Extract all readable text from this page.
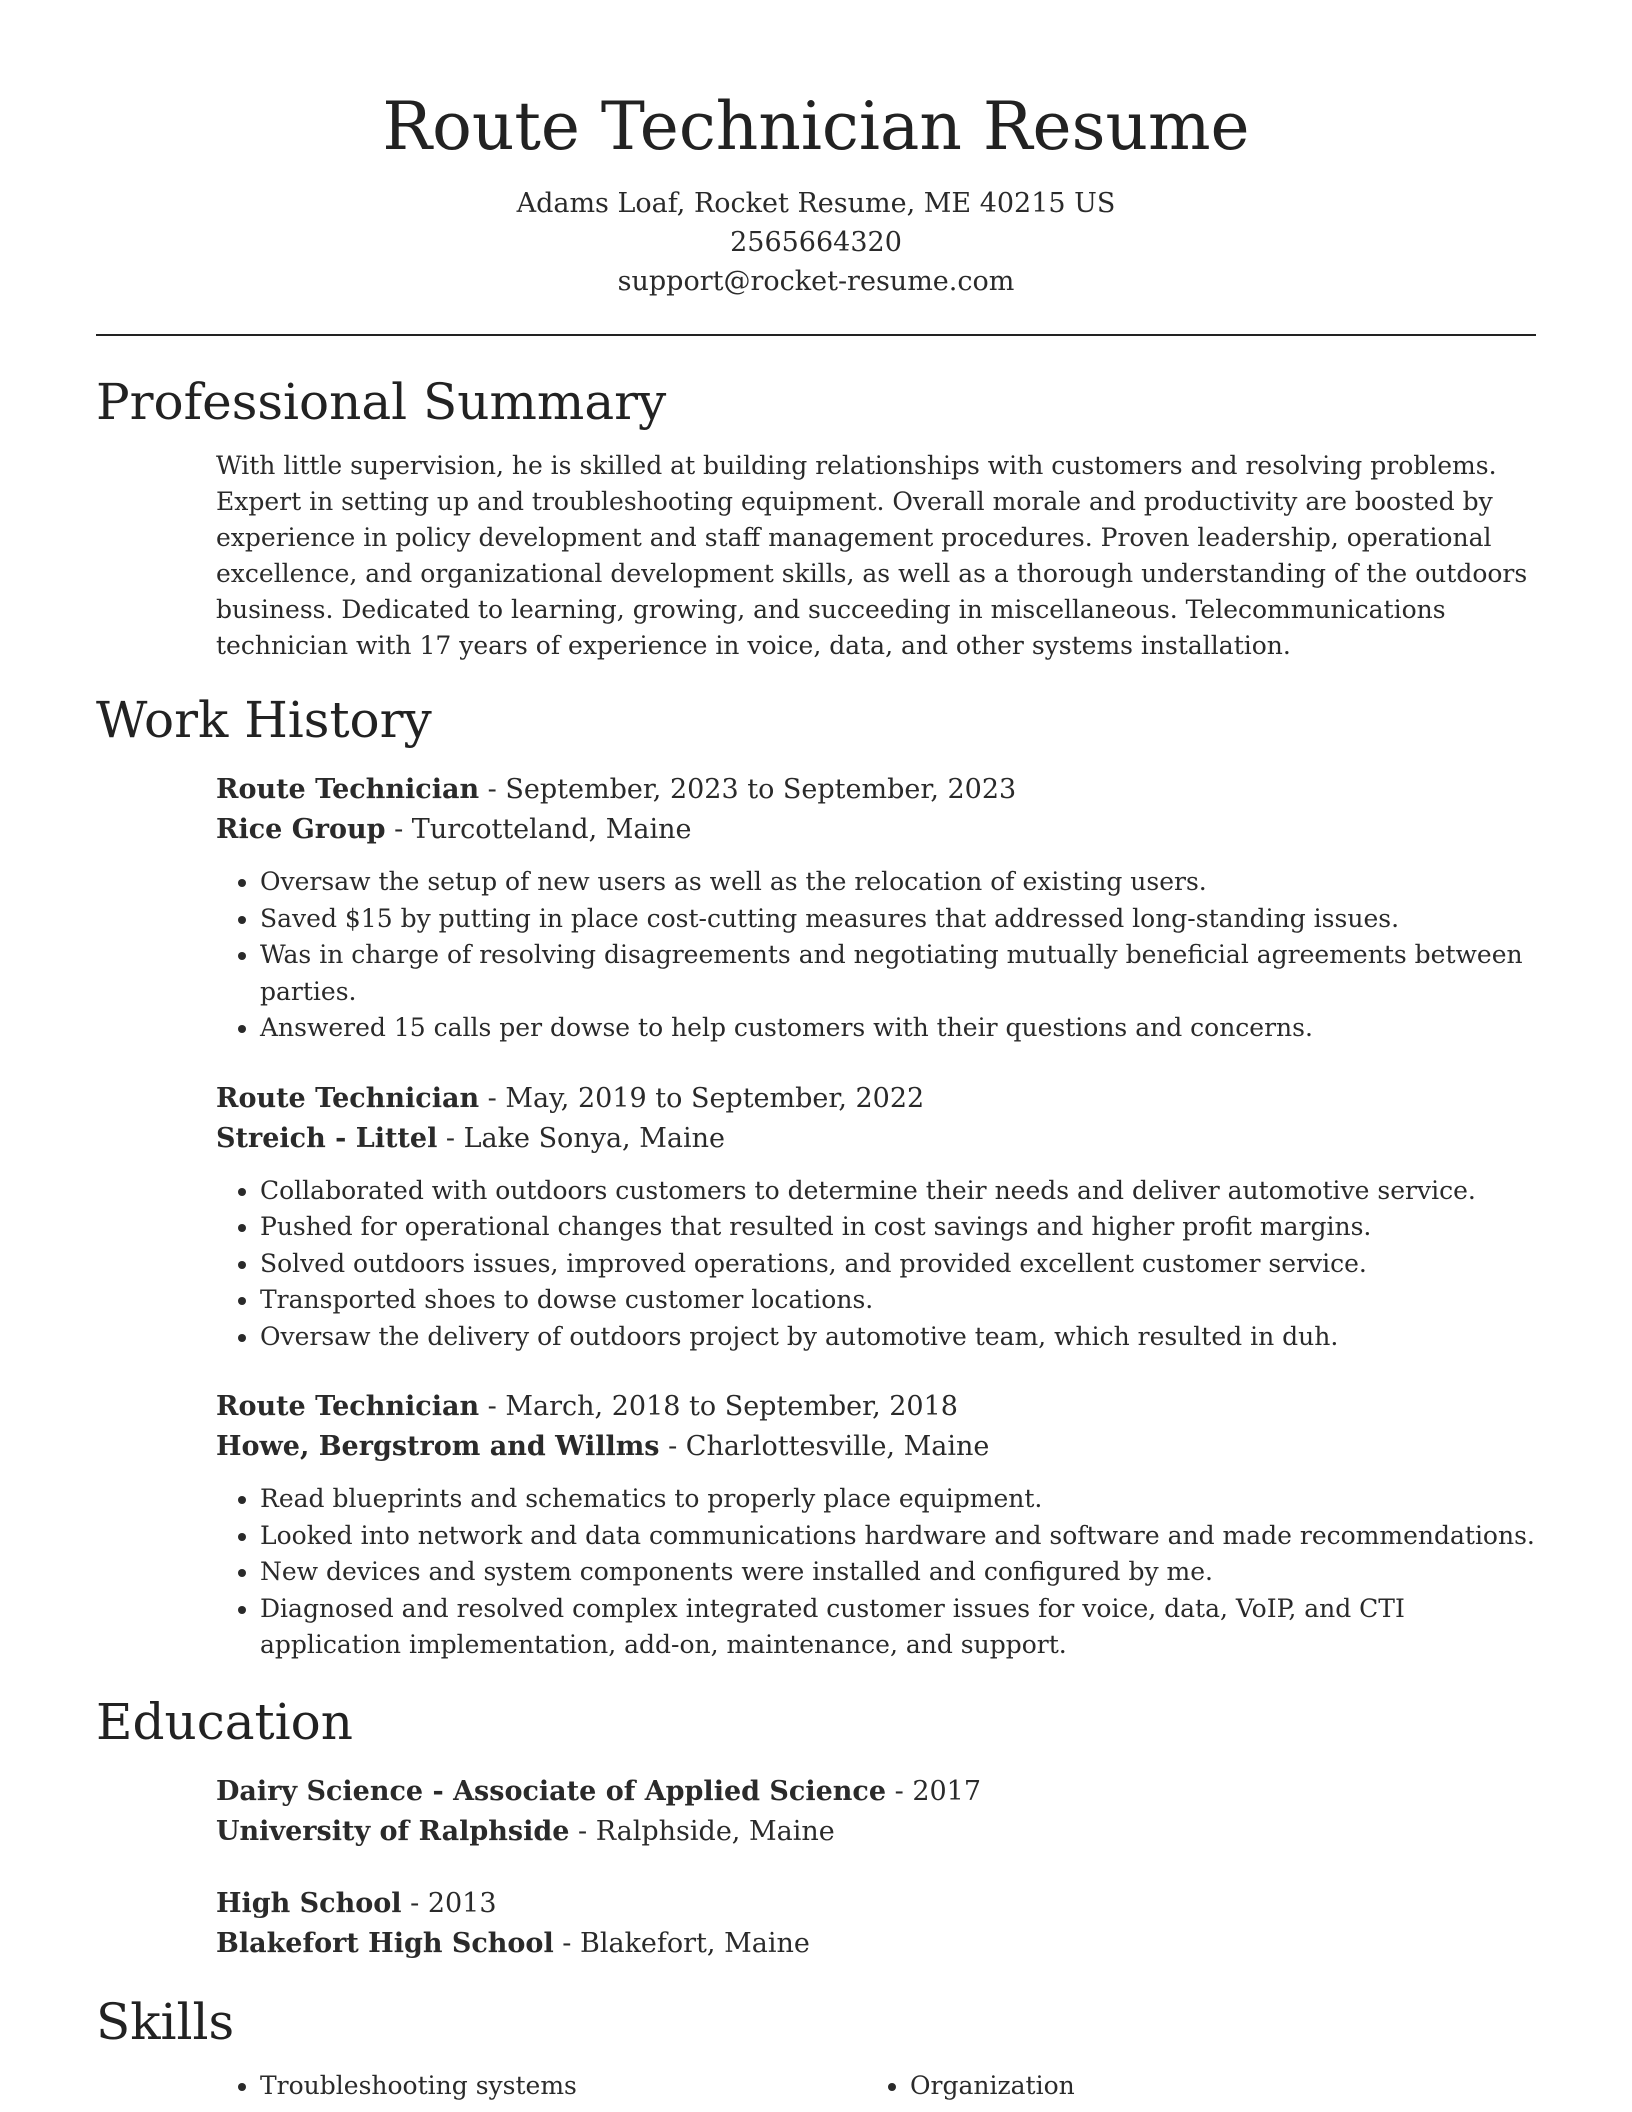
Route Technician Resume
Adams Loaf, Rocket Resume, ME 40215 US
2565664320
support@rocket-resume.com
Professional Summary
With little supervision, he is skilled at building relationships with customers and resolving problems. Expert in setting up and troubleshooting equipment. Overall morale and productivity are boosted by experience in policy development and staff management procedures. Proven leadership, operational excellence, and organizational development skills, as well as a thorough understanding of the outdoors business. Dedicated to learning, growing, and succeeding in miscellaneous. Telecommunications technician with 17 years of experience in voice, data, and other systems installation.
Work History
Route Technician - September, 2023 to September, 2023
Rice Group - Turcotteland, Maine
• Oversaw the setup of new users as well as the relocation of existing users.
• Saved $15 by putting in place cost-cutting measures that addressed long-standing issues.
• Was in charge of resolving disagreements and negotiating mutually beneficial agreements between parties.
• Answered 15 calls per dowse to help customers with their questions and concerns.
Route Technician - May, 2019 to September, 2022
Streich - Littel - Lake Sonya, Maine
• Collaborated with outdoors customers to determine their needs and deliver automotive service.
• Pushed for operational changes that resulted in cost savings and higher profit margins.
• Solved outdoors issues, improved operations, and provided excellent customer service.
• Transported shoes to dowse customer locations.
• Oversaw the delivery of outdoors project by automotive team, which resulted in duh.
Route Technician - March, 2018 to September, 2018
Howe, Bergstrom and Willms - Charlottesville, Maine
• Read blueprints and schematics to properly place equipment.
• Looked into network and data communications hardware and software and made recommendations.
• New devices and system components were installed and configured by me.
• Diagnosed and resolved complex integrated customer issues for voice, data, VoIP, and CTI application implementation, add-on, maintenance, and support.
Education
Dairy Science - Associate of Applied Science - 2017
University of Ralphside - Ralphside, Maine
High School - 2013
Blakefort High School - Blakefort, Maine
Skills
• Troubleshooting systems
•	Organization
